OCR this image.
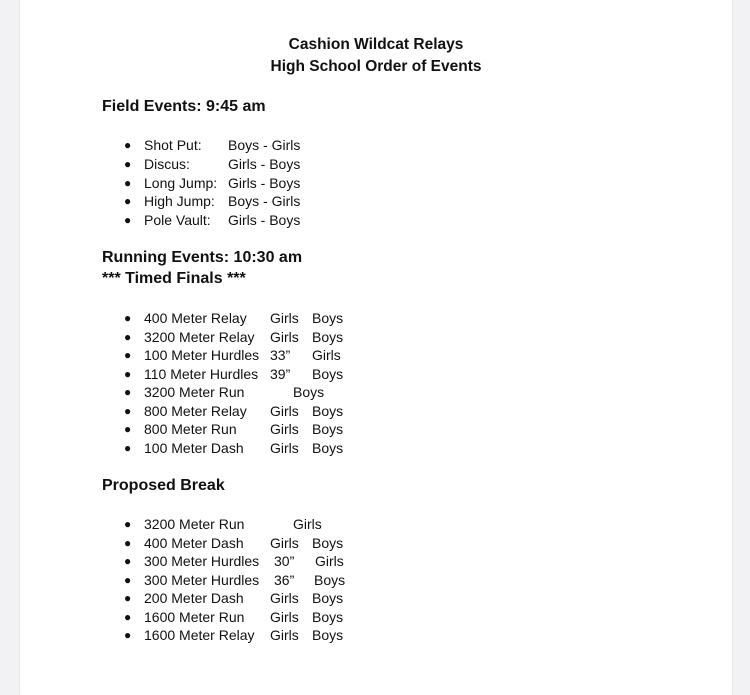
Cashion Wildcat Relays
High School Order of Events
Field Events: 9:45 am
● Shot Put: Boys - Girls
● Discus:	Girls - Boys
● Long Jump: Girls - Boys
● High Jump: Boys - Girls
● Pole Vault: Girls - Boys
Running Events: 10:30 am
*** Timed Finals ***
● 400 Meter Relay Girls Boys
● 3200 Meter Relay Girls Boys
● 100 Meter Hurdles 33” Girls
● 110 Meter Hurdles 39” Boys
● 3200 Meter Run	Boys
● 800 Meter Relay Girls Boys
● 800 Meter Run Girls Boys
● 100 Meter Dash Girls Boys
Proposed Break
● 3200 Meter Run	Girls
● 400 Meter Dash Girls Boys
● 300 Meter Hurdles 30” Girls
● 300 Meter Hurdles 36” Boys
● 200 Meter Dash Girls Boys
● 1600 Meter Run Girls Boys
● 1600 Meter Relay Girls Boys
